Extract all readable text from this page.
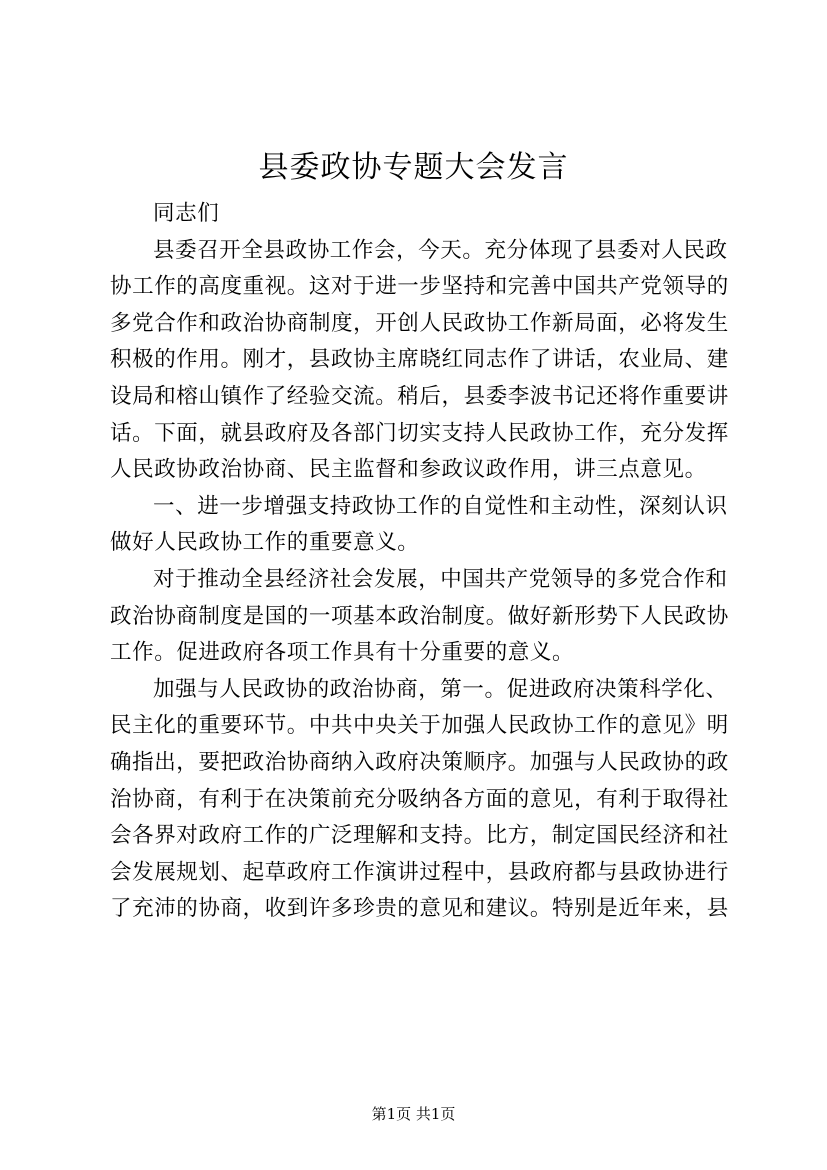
县委政协专题大会发言
同志们
县委召开全县政协工作会，今天。充分体现了县委对人民政
协工作的高度重视。这对于进一步坚持和完善中国共产党领导的
多党合作和政治协商制度，开创人民政协工作新局面，必将发生
积极的作用。刚才，县政协主席晓红同志作了讲话，农业局、建
设局和榕山镇作了经验交流。稍后，县委李波书记还将作重要讲
话。下面，就县政府及各部门切实支持人民政协工作，充分发挥
人民政协政治协商、民主监督和参政议政作用，讲三点意见。
一、进一步增强支持政协工作的自觉性和主动性，深刻认识
做好人民政协工作的重要意义。
对于推动全县经济社会发展，中国共产党领导的多党合作和
政治协商制度是国的一项基本政治制度。做好新形势下人民政协
工作。促进政府各项工作具有十分重要的意义。
加强与人民政协的政治协商，第一。促进政府决策科学化、
民主化的重要环节。中共中央关于加强人民政协工作的意见》明
确指出，要把政治协商纳入政府决策顺序。加强与人民政协的政
治协商，有利于在决策前充分吸纳各方面的意见，有利于取得社
会各界对政府工作的广泛理解和支持。比方，制定国民经济和社
会发展规划、起草政府工作演讲过程中，县政府都与县政协进行
了充沛的协商，收到许多珍贵的意见和建议。特别是近年来，县
第1页 共1页
